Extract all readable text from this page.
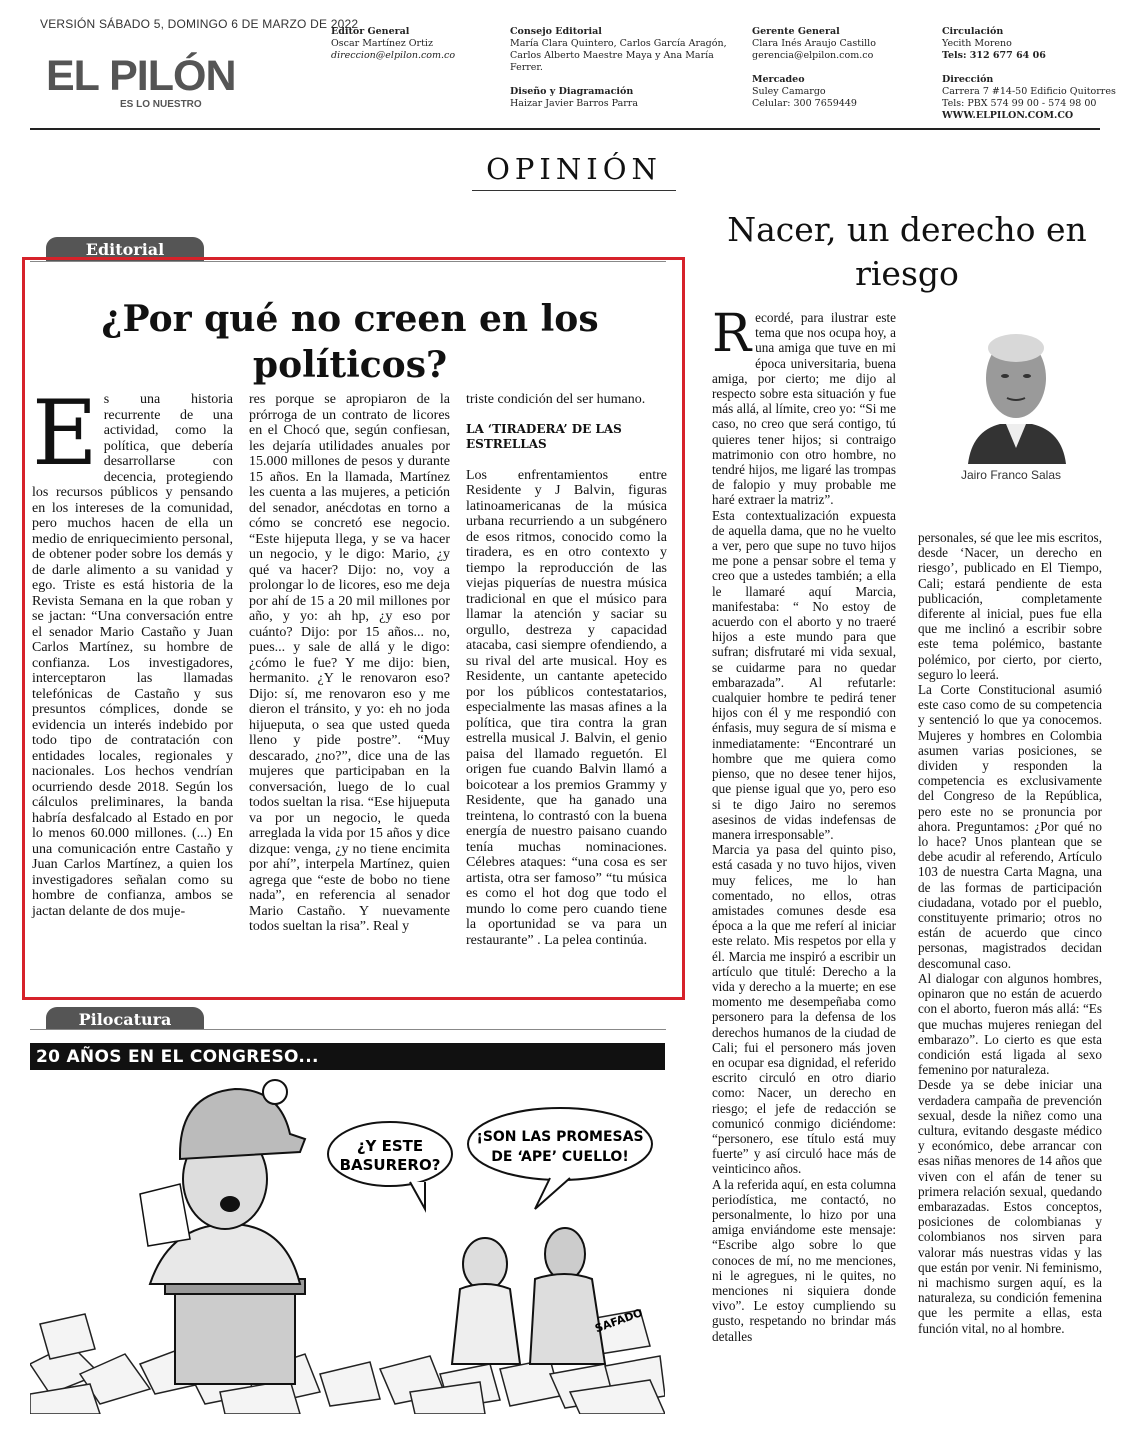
VERSIÓN SÁBADO 5, DOMINGO 6 DE MARZO DE 2022
EL PILÓN
ES LO NUESTRO
Editor General
Oscar Martínez Ortiz
direccion@elpilon.com.co
Consejo Editorial
María Clara Quintero, Carlos García Aragón,
Carlos Alberto Maestre Maya y Ana María
Ferrer.
Diseño y Diagramación
Haizar Javier Barros Parra
Gerente General
Clara Inés Araujo Castillo
gerencia@elpilon.com.co
Mercadeo
Suley Camargo
Celular: 300 7659449
Circulación
Yecith Moreno
Tels: 312 677 64 06
Dirección
Carrera 7 #14-50 Edificio Quitorres
Tels: PBX 574 99 00 - 574 98 00
WWW.ELPILON.COM.CO
OPINIÓN
Editorial
¿Por qué no creen en los
políticos?
E s una historia recurrente de una actividad, como la política, que debería desarrollarse con decencia, protegiendo los recursos públicos y pensando en los intereses de la comunidad, pero muchos hacen de ella un medio de enriquecimiento personal, de obtener poder sobre los demás y de darle alimento a su vanidad y ego. Triste es está historia de la Revista Semana en la que roban y se jactan: “Una conversación entre el senador Mario Castaño y Juan Carlos Martínez, su hombre de confianza. Los investigadores, interceptaron las llamadas telefónicas de Castaño y sus presuntos cómplices, donde se evidencia un interés indebido por todo tipo de contratación con entidades locales, regionales y nacionales. Los hechos vendrían ocurriendo desde 2018. Según los cálculos preliminares, la banda habría desfalcado al Estado en por lo menos 60.000 millones. (...) En una comunicación entre Castaño y Juan Carlos Martínez, a quien los investigadores señalan como su hombre de confianza, ambos se jactan delante de dos muje-

res porque se apropiaron de la prórroga de un contrato de licores en el Chocó que, según confiesan, les dejaría utilidades anuales por 15.000 millones de pesos y durante 15 años. En la llamada, Martínez les cuenta a las mujeres, a petición del senador, anécdotas en torno a cómo se concretó ese negocio. “Este hijeputa llega, y se va hacer un negocio, y le digo: Mario, ¿y qué va hacer? Dijo: no, voy a prolongar lo de licores, eso me deja por ahí de 15 a 20 mil millones por año, y yo: ah hp, ¿y eso por cuánto? Dijo: por 15 años... no, pues... y sale de allá y le digo: ¿cómo le fue? Y me dijo: bien, hermanito. ¿Y le renovaron eso? Dijo: sí, me renovaron eso y me dieron el tránsito, y yo: eh no joda hijueputa, o sea que usted queda lleno y pide postre”. “Muy descarado, ¿no?”, dice una de las mujeres que participaban en la conversación, luego de lo cual todos sueltan la risa. “Ese hijueputa va por un negocio, le queda arreglada la vida por 15 años y dice dizque: venga, ¿y no tiene encimita por ahí”, interpela Martínez, quien agrega que “este de bobo no tiene nada”, en referencia al senador Mario Castaño. Y nuevamente todos sueltan la risa”. Real y

triste condición del ser humano.

LA ‘TIRADERA’ DE LAS ESTRELLAS

Los enfrentamientos entre Residente y J Balvin, figuras latinoamericanas de la música urbana recurriendo a un subgénero de esos ritmos, conocido como la tiradera, es en otro contexto y tiempo la reproducción de las viejas piquerías de nuestra música tradicional en que el músico para llamar la atención y saciar su orgullo, destreza y capacidad atacaba, casi siempre ofendiendo, a su rival del arte musical. Hoy es Residente, un cantante apetecido por los públicos contestatarios, especialmente las masas afines a la política, que tira contra la gran estrella musical J. Balvin, el genio paisa del llamado reguetón. El origen fue cuando Balvin llamó a boicotear a los premios Grammy y Residente, que ha ganado una treintena, lo contrastó con la buena energía de nuestro paisano cuando tenía muchas nominaciones. Célebres ataques: “una cosa es ser artista, otra ser famoso” “tu música es como el hot dog que todo el mundo lo come pero cuando tiene la oportunidad se va para un restaurante” . La pelea continúa.

Pilocatura
20 AÑOS EN EL CONGRESO...
¿Y ESTE
BASURERO?
¡SON LAS PROMESAS
DE ‘APE’ CUELLO!
SAFADO
Nacer, un derecho en
riesgo
Jairo Franco Salas
R ecordé, para ilustrar este tema que nos ocupa hoy, a una amiga que tuve en mi época universitaria, buena amiga, por cierto; me dijo al respecto sobre esta situación y fue más allá, al límite, creo yo: “Si me caso, no creo que será contigo, tú quieres tener hijos; si contraigo matrimonio con otro hombre, no tendré hijos, me ligaré las trompas de falopio y muy probable me haré extraer la matriz”.

Esta contextualización expuesta de aquella dama, que no he vuelto a ver, pero que supe no tuvo hijos me pone a pensar sobre el tema y creo que a ustedes también; a ella le llamaré aquí Marcia, manifestaba: “ No estoy de acuerdo con el aborto y no traeré hijos a este mundo para que sufran; disfrutaré mi vida sexual, se cuidarme para no quedar embarazada”. Al refutarle: cualquier hombre te pedirá tener hijos con él y me respondió con énfasis, muy segura de sí misma e inmediatamente: “Encontraré un hombre que me quiera como pienso, que no desee tener hijos, que piense igual que yo, pero eso si te digo Jairo no seremos asesinos de vidas indefensas de manera irresponsable”.

Marcia ya pasa del quinto piso, está casada y no tuvo hijos, viven muy felices, me lo han comentado, no ellos, otras amistades comunes desde esa época a la que me referí al iniciar este relato. Mis respetos por ella y él. Marcia me inspiró a escribir un artículo que titulé: Derecho a la vida y derecho a la muerte; en ese momento me desempeñaba como personero para la defensa de los derechos humanos de la ciudad de Cali; fui el personero más joven en ocupar esa dignidad, el referido escrito circuló en otro diario como: Nacer, un derecho en riesgo; el jefe de redacción se comunicó conmigo diciéndome: “personero, ese título está muy fuerte” y así circuló hace más de veinticinco años.

A la referida aquí, en esta columna periodística, me contactó, no personalmente, lo hizo por una amiga enviándome este mensaje: “Escribe algo sobre lo que conoces de mí, no me menciones, ni le agregues, ni le quites, no menciones ni siquiera donde vivo”. Le estoy cumpliendo su gusto, respetando no brindar más detalles

personales, sé que lee mis escritos, desde ‘Nacer, un derecho en riesgo’, publicado en El Tiempo, Cali; estará pendiente de esta publicación, completamente diferente al inicial, pues fue ella que me inclinó a escribir sobre este tema polémico, bastante polémico, por cierto, por cierto, seguro lo leerá.

La Corte Constitucional asumió este caso como de su competencia y sentenció lo que ya conocemos. Mujeres y hombres en Colombia asumen varias posiciones, se dividen y responden la competencia es exclusivamente del Congreso de la República, pero este no se pronuncia por ahora. Preguntamos: ¿Por qué no lo hace? Unos plantean que se debe acudir al referendo, Artículo 103 de nuestra Carta Magna, una de las formas de participación ciudadana, votado por el pueblo, constituyente primario; otros no están de acuerdo que cinco personas, magistrados decidan descomunal caso.

Al dialogar con algunos hombres, opinaron que no están de acuerdo con el aborto, fueron más allá: “Es que muchas mujeres reniegan del embarazo”. Lo cierto es que esta condición está ligada al sexo femenino por naturaleza.

Desde ya se debe iniciar una verdadera campaña de prevención sexual, desde la niñez como una cultura, evitando desgaste médico y económico, debe arrancar con esas niñas menores de 14 años que viven con el afán de tener su primera relación sexual, quedando embarazadas. Estos conceptos, posiciones de colombianas y colombianos nos sirven para valorar más nuestras vidas y las que están por venir. Ni feminismo, ni machismo surgen aquí, es la naturaleza, su condición femenina que les permite a ellas, esta función vital, no al hombre.
